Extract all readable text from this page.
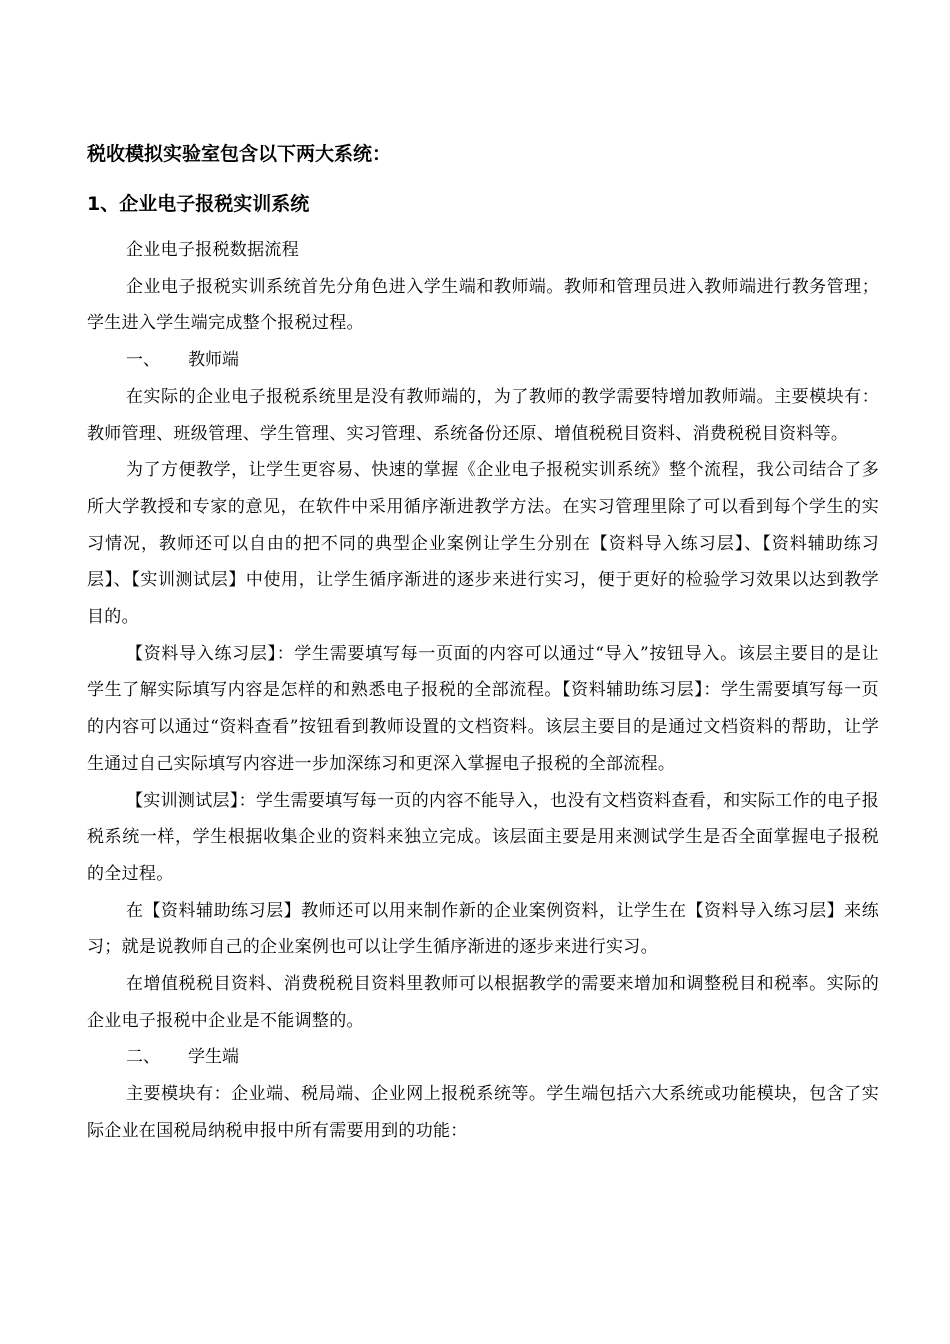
税收模拟实验室包含以下两大系统：

1、企业电子报税实训系统

企业电子报税数据流程

企业电子报税实训系统首先分角色进入学生端和教师端。教师和管理员进入教师端进行教务管理；学生进入学生端完成整个报税过程。

一、	教师端

在实际的企业电子报税系统里是没有教师端的，为了教师的教学需要特增加教师端。主要模块有：教师管理、班级管理、学生管理、实习管理、系统备份还原、增值税税目资料、消费税税目资料等。

为了方便教学，让学生更容易、快速的掌握《企业电子报税实训系统》整个流程，我公司结合了多所大学教授和专家的意见，在软件中采用循序渐进教学方法。在实习管理里除了可以看到每个学生的实习情况，教师还可以自由的把不同的典型企业案例让学生分别在【资料导入练习层】、【资料辅助练习层】、【实训测试层】中使用，让学生循序渐进的逐步来进行实习，便于更好的检验学习效果以达到教学目的。

【资料导入练习层】：学生需要填写每一页面的内容可以通过“导入”按钮导入。该层主要目的是让学生了解实际填写内容是怎样的和熟悉电子报税的全部流程。【资料辅助练习层】：学生需要填写每一页的内容可以通过“资料查看”按钮看到教师设置的文档资料。该层主要目的是通过文档资料的帮助，让学生通过自己实际填写内容进一步加深练习和更深入掌握电子报税的全部流程。

【实训测试层】：学生需要填写每一页的内容不能导入，也没有文档资料查看，和实际工作的电子报税系统一样，学生根据收集企业的资料来独立完成。该层面主要是用来测试学生是否全面掌握电子报税的全过程。

在【资料辅助练习层】教师还可以用来制作新的企业案例资料，让学生在【资料导入练习层】来练习；就是说教师自己的企业案例也可以让学生循序渐进的逐步来进行实习。

在增值税税目资料、消费税税目资料里教师可以根据教学的需要来增加和调整税目和税率。实际的企业电子报税中企业是不能调整的。

二、	学生端

主要模块有：企业端、税局端、企业网上报税系统等。学生端包括六大系统或功能模块，包含了实际企业在国税局纳税申报中所有需要用到的功能：
